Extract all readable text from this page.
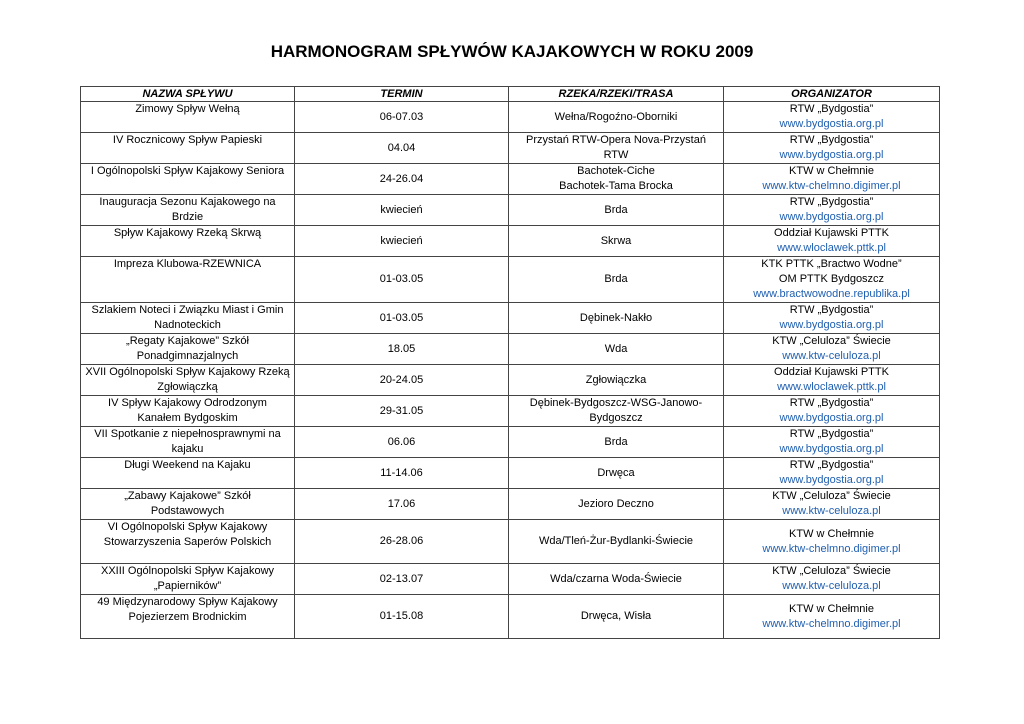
HARMONOGRAM SPŁYWÓW KAJAKOWYCH W ROKU 2009
NAZWA SPŁYWU	TERMIN	RZEKA/RZEKI/TRASA	ORGANIZATOR

Zimowy Spływ Wełną	06-07.03	Wełna/Rogoźno-Oborniki	RTW „Bydgostia”
www.bydgostia.org.pl

IV Rocznicowy Spływ Papieski	04.04	Przystań RTW-Opera Nova-Przystań
RTW	RTW „Bydgostia”
www.bydgostia.org.pl

I Ogólnopolski Spływ Kajakowy Seniora	24-26.04	Bachotek-Ciche
Bachotek-Tama Brocka	KTW w Chełmnie
www.ktw-chelmno.digimer.pl

Inauguracja Sezonu Kajakowego na
Brdzie	kwiecień	Brda	RTW „Bydgostia”
www.bydgostia.org.pl

Spływ Kajakowy Rzeką Skrwą	kwiecień	Skrwa	Oddział Kujawski PTTK
www.wloclawek.pttk.pl

Impreza Klubowa-RZEWNICA	01-03.05	Brda	KTK PTTK „Bractwo Wodne”
OM PTTK Bydgoszcz
www.bractwowodne.republika.pl

Szlakiem Noteci i Związku Miast i Gmin
Nadnoteckich	01-03.05	Dębinek-Nakło	RTW „Bydgostia”
www.bydgostia.org.pl

„Regaty Kajakowe” Szkół
Ponadgimnazjalnych	18.05	Wda	KTW „Celuloza” Świecie
www.ktw-celuloza.pl

XVII Ogólnopolski Spływ Kajakowy Rzeką
Zgłowiączką	20-24.05	Zgłowiączka	Oddział Kujawski PTTK
www.wloclawek.pttk.pl

IV Spływ Kajakowy Odrodzonym
Kanałem Bydgoskim	29-31.05	Dębinek-Bydgoszcz-WSG-Janowo-
Bydgoszcz	RTW „Bydgostia”
www.bydgostia.org.pl

VII Spotkanie z niepełnosprawnymi na
kajaku	06.06	Brda	RTW „Bydgostia”
www.bydgostia.org.pl

Długi Weekend na Kajaku	11-14.06	Drwęca	RTW „Bydgostia”
www.bydgostia.org.pl

„Zabawy Kajakowe” Szkół
Podstawowych	17.06	Jezioro Deczno	KTW „Celuloza” Świecie
www.ktw-celuloza.pl

VI Ogólnopolski Spływ Kajakowy
Stowarzyszenia Saperów Polskich	26-28.06	Wda/Tleń-Żur-Bydlanki-Świecie	KTW w Chełmnie
www.ktw-chelmno.digimer.pl

XXIII Ogólnopolski Spływ Kajakowy
„Papierników”	02-13.07	Wda/czarna Woda-Świecie	KTW „Celuloza” Świecie
www.ktw-celuloza.pl

49 Międzynarodowy Spływ Kajakowy
Pojezierzem Brodnickim	01-15.08	Drwęca, Wisła	KTW w Chełmnie
www.ktw-chelmno.digimer.pl
